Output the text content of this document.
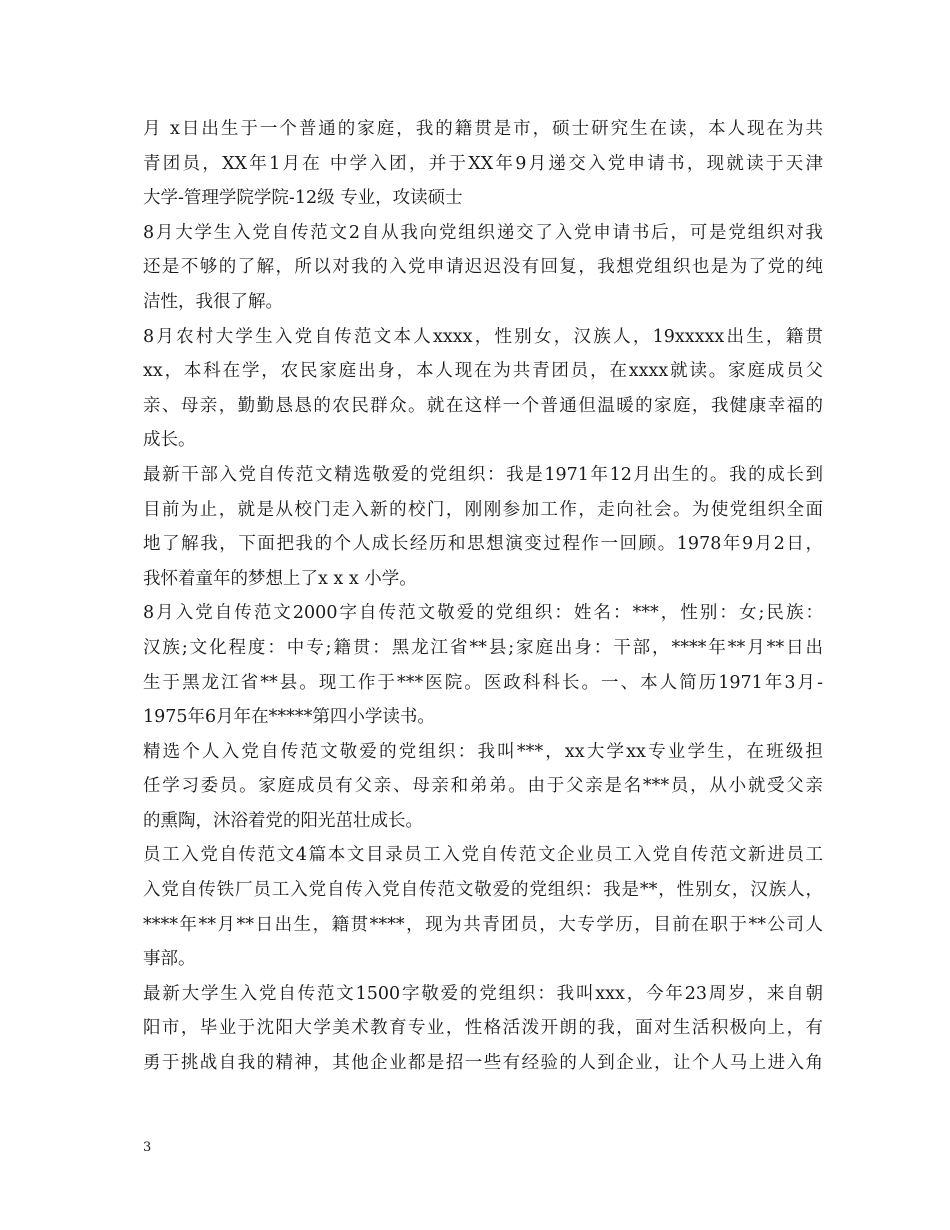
月 x日出生于一个普通的家庭，我的籍贯是市，硕士研究生在读，本人现在为共
青团员，XX年1月在 中学入团，并于XX年9月递交入党申请书，现就读于天津
大学-管理学院学院-12级 专业，攻读硕士
8月大学生入党自传范文2自从我向党组织递交了入党申请书后，可是党组织对我
还是不够的了解，所以对我的入党申请迟迟没有回复，我想党组织也是为了党的纯
洁性，我很了解。
8月农村大学生入党自传范文本人xxxx，性别女，汉族人，19xxxxx出生，籍贯
xx，本科在学，农民家庭出身，本人现在为共青团员，在xxxx就读。家庭成员父
亲、母亲，勤勤恳恳的农民群众。就在这样一个普通但温暖的家庭，我健康幸福的
成长。
最新干部入党自传范文精选敬爱的党组织：我是1971年12月出生的。我的成长到
目前为止，就是从校门走入新的校门，刚刚参加工作，走向社会。为使党组织全面
地了解我，下面把我的个人成长经历和思想演变过程作一回顾。1978年9月2日，
我怀着童年的梦想上了x x x 小学。
8月入党自传范文2000字自传范文敬爱的党组织：姓名：***，性别：女;民族：
汉族;文化程度：中专;籍贯：黑龙江省**县;家庭出身：干部，****年**月**日出
生于黑龙江省**县。现工作于***医院。医政科科长。一、本人简历1971年3月-
1975年6月年在*****第四小学读书。
精选个人入党自传范文敬爱的党组织：我叫***，xx大学xx专业学生，在班级担
任学习委员。家庭成员有父亲、母亲和弟弟。由于父亲是名***员，从小就受父亲
的熏陶，沐浴着党的阳光茁壮成长。
员工入党自传范文4篇本文目录员工入党自传范文企业员工入党自传范文新进员工
入党自传铁厂员工入党自传入党自传范文敬爱的党组织：我是**，性别女，汉族人，
****年**月**日出生，籍贯****，现为共青团员，大专学历，目前在职于**公司人
事部。
最新大学生入党自传范文1500字敬爱的党组织：我叫xxx，今年23周岁，来自朝
阳市，毕业于沈阳大学美术教育专业，性格活泼开朗的我，面对生活积极向上，有
勇于挑战自我的精神，其他企业都是招一些有经验的人到企业，让个人马上进入角
3
